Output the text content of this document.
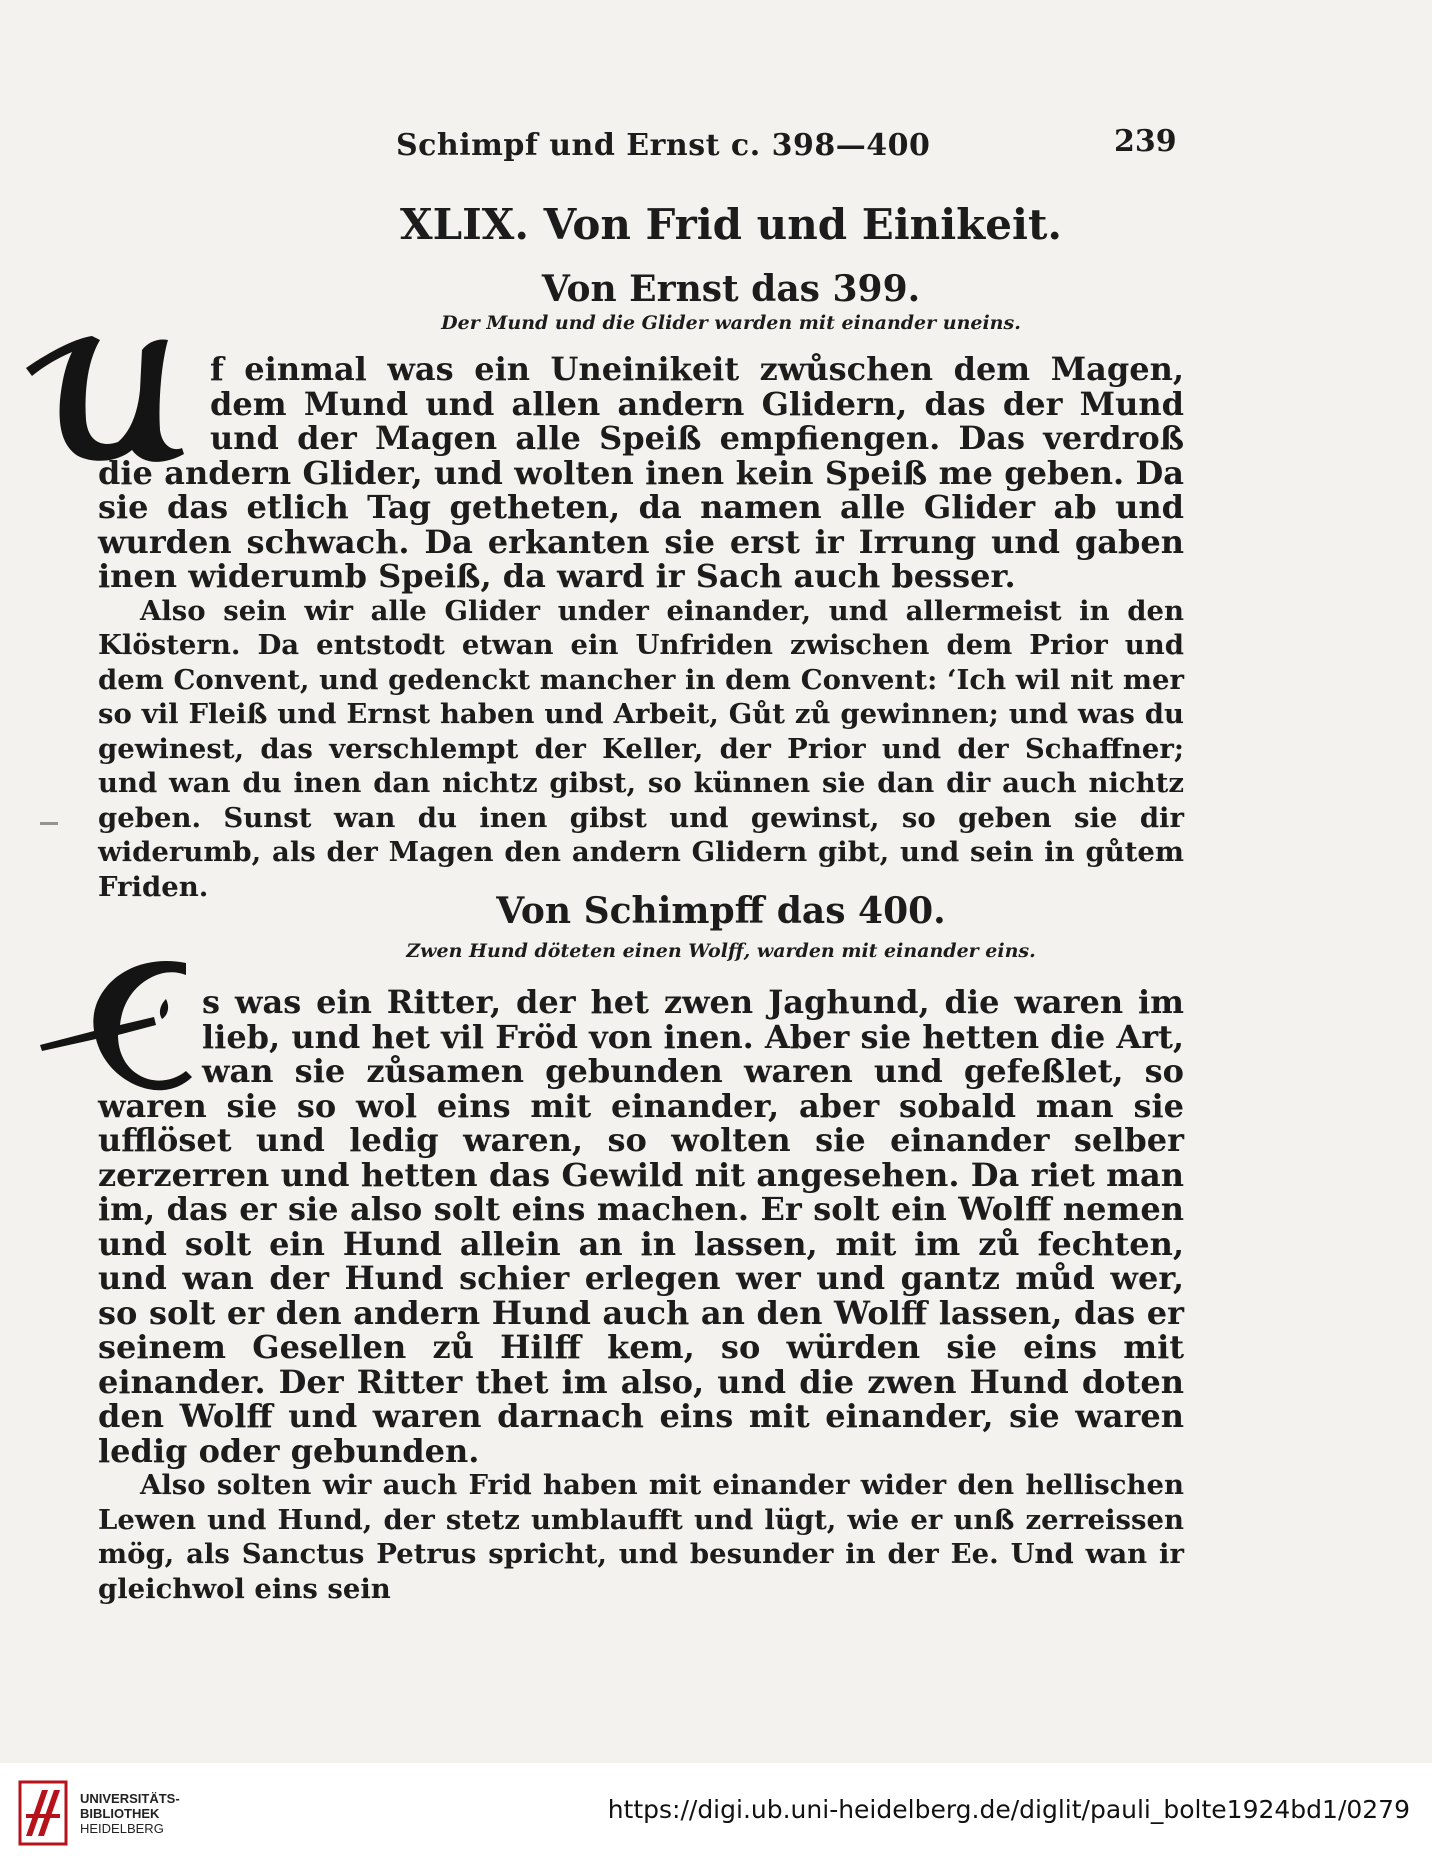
Schimpf und Ernst c. 398—400	239
XLIX. Von Frid und Einikeit.
Von Ernst das 399.
Der Mund und die Glider warden mit einander uneins.

f einmal was ein Uneinikeit zwůschen dem Magen, dem Mund und allen andern Glidern, das der Mund und der Magen alle Speiß empfiengen. Das verdroß die andern Glider, und wolten inen kein Speiß me geben. Da sie das etlich Tag getheten, da namen alle Glider ab und wurden schwach. Da erkanten sie erst ir Irrung und gaben inen widerumb Speiß, da ward ir Sach auch besser.

Also sein wir alle Glider under einander, und allermeist in den Klöstern. Da entstodt etwan ein Unfriden zwischen dem Prior und dem Convent, und gedenckt mancher in dem Convent: ‘Ich wil nit mer so vil Fleiß und Ernst haben und Arbeit, Gůt zů gewinnen; und was du gewinest, das verschlempt der Keller, der Prior und der Schaffner; und wan du inen dan nichtz gibst, so künnen sie dan dir auch nichtz geben. Sunst wan du inen gibst und gewinst, so geben sie dir widerumb, als der Magen den andern Glidern gibt, und sein in gůtem Friden.

Von Schimpff das 400.
Zwen Hund döteten einen Wolff, warden mit einander eins.

s was ein Ritter, der het zwen Jaghund, die waren im lieb, und het vil Fröd von inen. Aber sie hetten die Art, wan sie zůsamen gebunden waren und gefeßlet, so waren sie so wol eins mit einander, aber sobald man sie ufflöset und ledig waren, so wolten sie einander selber zerzerren und hetten das Gewild nit angesehen. Da riet man im, das er sie also solt eins machen. Er solt ein Wolff nemen und solt ein Hund allein an in lassen, mit im zů fechten, und wan der Hund schier erlegen wer und gantz můd wer, so solt er den andern Hund auch an den Wolff lassen, das er seinem Gesellen zů Hilff kem, so würden sie eins mit einander. Der Ritter thet im also, und die zwen Hund doten den Wolff und waren darnach eins mit einander, sie waren ledig oder gebunden.

Also solten wir auch Frid haben mit einander wider den hellischen Lewen und Hund, der stetz umblaufft und lügt, wie er unß zerreissen mög, als Sanctus Petrus spricht, und besunder in der Ee. Und wan ir gleichwol eins sein

UNIVERSITÄTS-
BIBLIOTHEK
HEIDELBERG
https://digi.ub.uni-heidelberg.de/diglit/pauli_bolte1924bd1/0279
